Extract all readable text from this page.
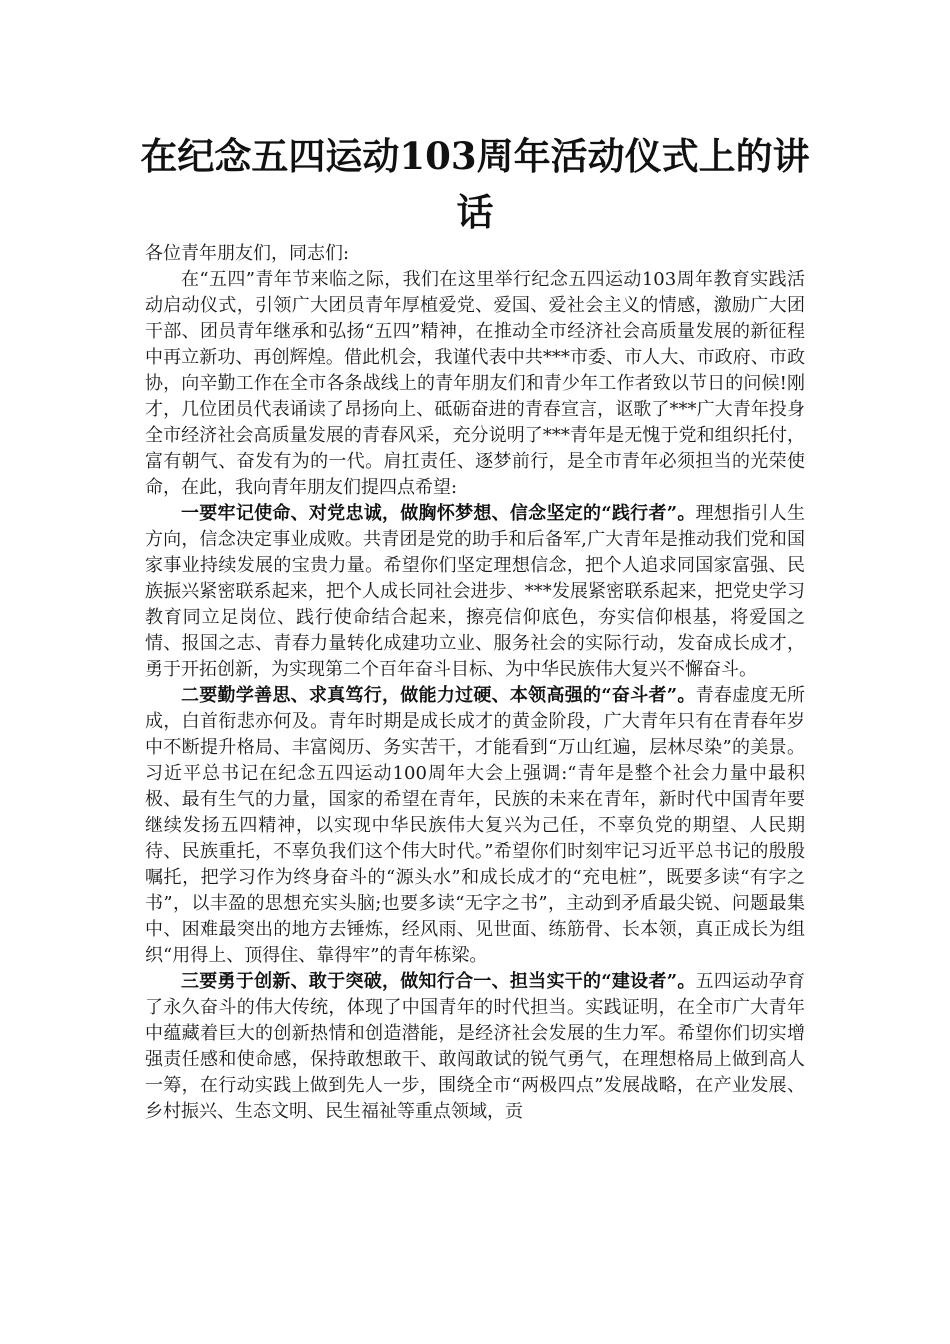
在纪念五四运动103周年活动仪式上的讲话

各位青年朋友们，同志们:

在“五四”青年节来临之际，我们在这里举行纪念五四运动103周年教育实践活动启动仪式，引领广大团员青年厚植爱党、爱国、爱社会主义的情感，激励广大团干部、团员青年继承和弘扬“五四”精神，在推动全市经济社会高质量发展的新征程中再立新功、再创辉煌。借此机会，我谨代表中共***市委、市人大、市政府、市政协，向辛勤工作在全市各条战线上的青年朋友们和青少年工作者致以节日的问候!刚才，几位团员代表诵读了昂扬向上、砥砺奋进的青春宣言，讴歌了***广大青年投身全市经济社会高质量发展的青春风采，充分说明了***青年是无愧于党和组织托付，富有朝气、奋发有为的一代。肩扛责任、逐梦前行，是全市青年必须担当的光荣使命，在此，我向青年朋友们提四点希望:

一要牢记使命、对党忠诚，做胸怀梦想、信念坚定的“践行者”。理想指引人生方向，信念决定事业成败。共青团是党的助手和后备军,广大青年是推动我们党和国家事业持续发展的宝贵力量。希望你们坚定理想信念，把个人追求同国家富强、民族振兴紧密联系起来，把个人成长同社会进步、***发展紧密联系起来，把党史学习教育同立足岗位、践行使命结合起来，擦亮信仰底色，夯实信仰根基，将爱国之情、报国之志、青春力量转化成建功立业、服务社会的实际行动，发奋成长成才，勇于开拓创新，为实现第二个百年奋斗目标、为中华民族伟大复兴不懈奋斗。

二要勤学善思、求真笃行，做能力过硬、本领高强的“奋斗者”。青春虚度无所成，白首衔悲亦何及。青年时期是成长成才的黄金阶段，广大青年只有在青春年岁中不断提升格局、丰富阅历、务实苦干，才能看到“万山红遍，层林尽染”的美景。习近平总书记在纪念五四运动100周年大会上强调:“青年是整个社会力量中最积极、最有生气的力量，国家的希望在青年，民族的未来在青年，新时代中国青年要继续发扬五四精神，以实现中华民族伟大复兴为己任，不辜负党的期望、人民期待、民族重托，不辜负我们这个伟大时代。”希望你们时刻牢记习近平总书记的殷殷嘱托，把学习作为终身奋斗的“源头水”和成长成才的“充电桩”，既要多读“有字之书”，以丰盈的思想充实头脑;也要多读“无字之书”，主动到矛盾最尖锐、问题最集中、困难最突出的地方去锤炼，经风雨、见世面、练筋骨、长本领，真正成长为组织“用得上、顶得住、靠得牢”的青年栋梁。

三要勇于创新、敢于突破，做知行合一、担当实干的“建设者”。五四运动孕育了永久奋斗的伟大传统，体现了中国青年的时代担当。实践证明，在全市广大青年中蕴藏着巨大的创新热情和创造潜能，是经济社会发展的生力军。希望你们切实增强责任感和使命感，保持敢想敢干、敢闯敢试的锐气勇气，在理想格局上做到高人一筹，在行动实践上做到先人一步，围绕全市“两极四点”发展战略，在产业发展、乡村振兴、生态文明、民生福祉等重点领域，贡
